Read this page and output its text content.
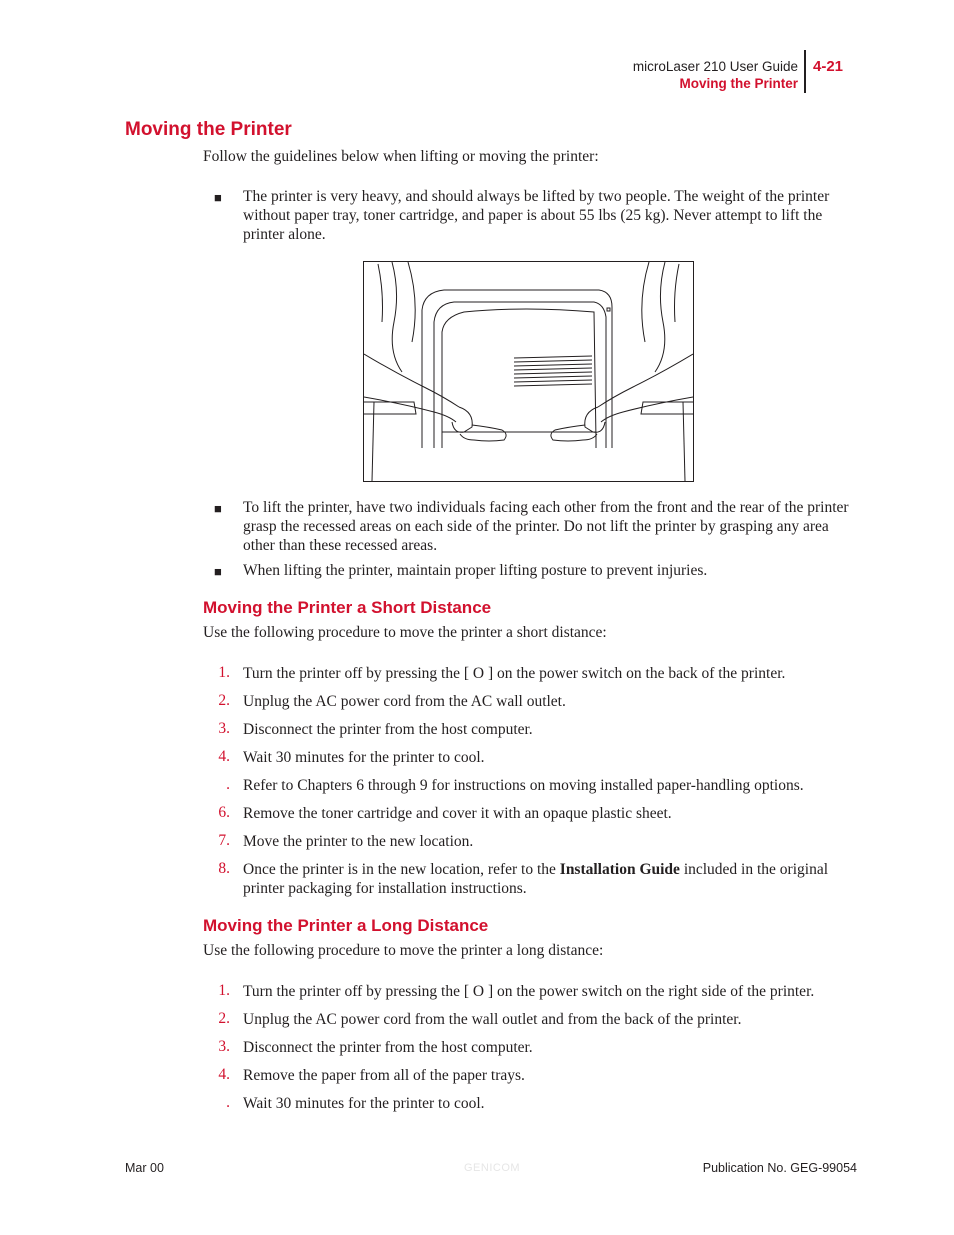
microLaser 210 User Guide
Moving the Printer
4-21
Moving the Printer
Follow the guidelines below when lifting or moving the printer:
■ The printer is very heavy, and should always be lifted by two people. The weight of the printer without paper tray, toner cartridge, and paper is about 55 lbs (25 kg). Never attempt to lift the printer alone.
■ To lift the printer, have two individuals facing each other from the front and the rear of the printer grasp the recessed areas on each side of the printer. Do not lift the printer by grasping any area other than these recessed areas.
■ When lifting the printer, maintain proper lifting posture to prevent injuries.
Moving the Printer a Short Distance
Use the following procedure to move the printer a short distance:
1. Turn the printer off by pressing the [ O ] on the power switch on the back of the printer.
2. Unplug the AC power cord from the AC wall outlet.
3. Disconnect the printer from the host computer.
4. Wait 30 minutes for the printer to cool.
. Refer to Chapters 6 through 9 for instructions on moving installed paper-handling options.
6. Remove the toner cartridge and cover it with an opaque plastic sheet.
7. Move the printer to the new location.
8. Once the printer is in the new location, refer to the Installation Guide included in the original printer packaging for installation instructions.
Moving the Printer a Long Distance
Use the following procedure to move the printer a long distance:
1. Turn the printer off by pressing the [ O ] on the power switch on the right side of the printer.
2. Unplug the AC power cord from the wall outlet and from the back of the printer.
3. Disconnect the printer from the host computer.
4. Remove the paper from all of the paper trays.
. Wait 30 minutes for the printer to cool.
Mar 00	GENICOM	Publication No. GEG-99054
